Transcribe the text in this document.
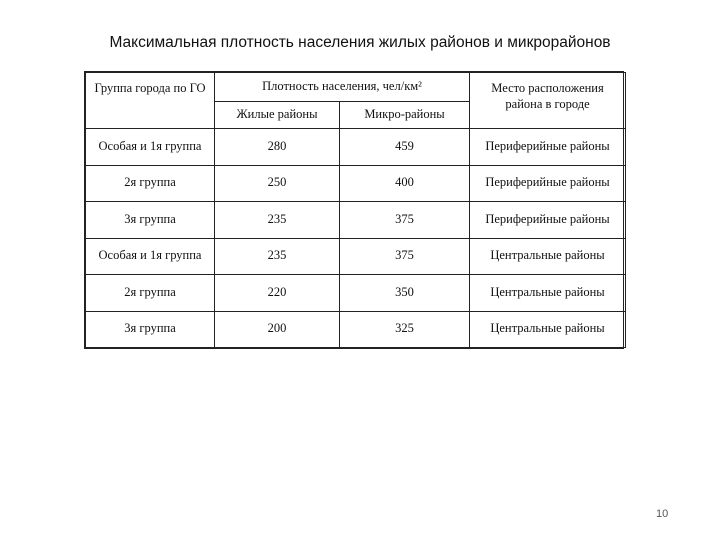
Максимальная плотность населения жилых районов и микрорайонов
Группа города по ГО	Плотность населения, чел/км²		Место расположения района в городе
	Жилые районы	Микро-районы	
Особая и 1я группа	280	459	Периферийные районы
2я группа	250	400	Периферийные районы
3я группа	235	375	Периферийные районы
Особая и 1я группа	235	375	Центральные районы
2я группа	220	350	Центральные районы
3я группа	200	325	Центральные районы
10
